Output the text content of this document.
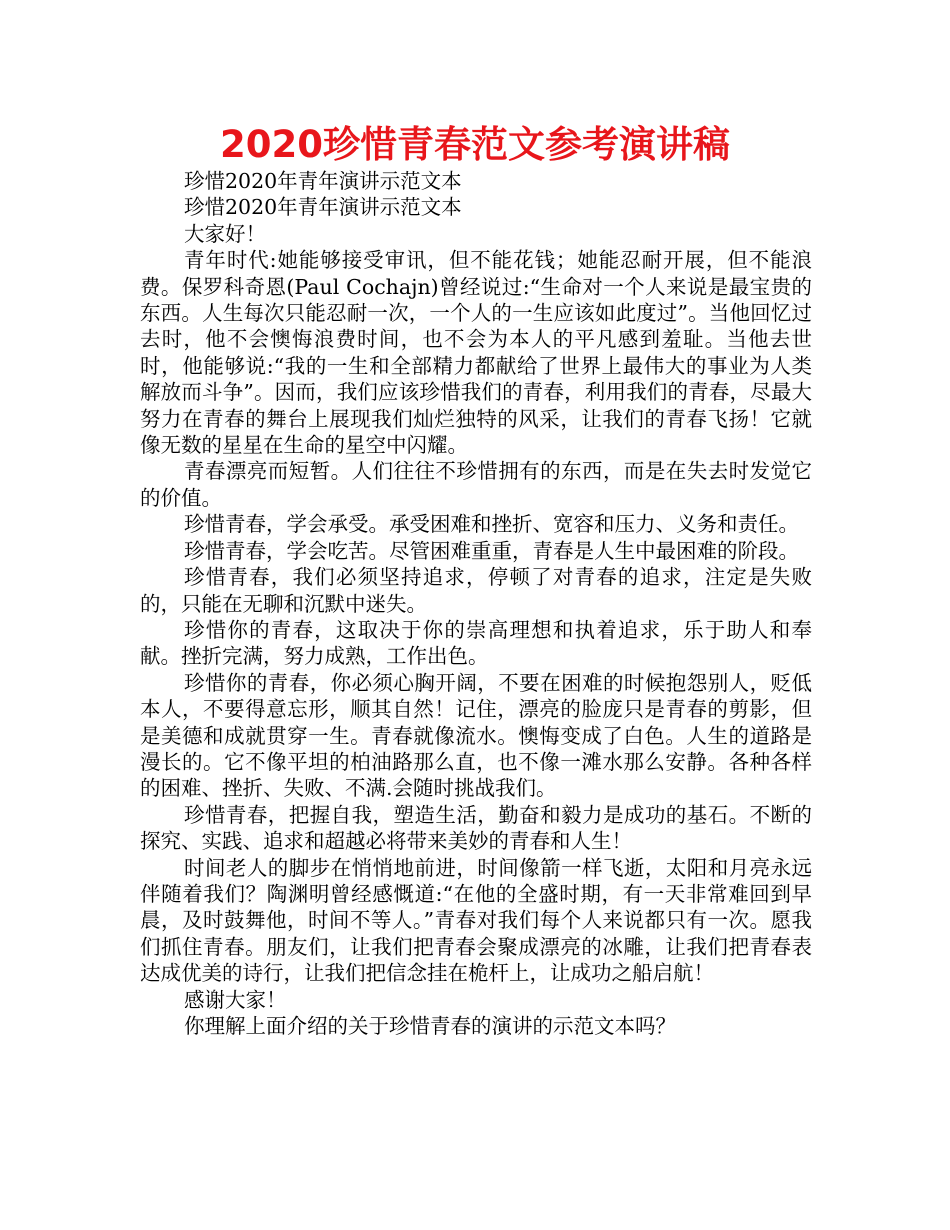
2020珍惜青春范文参考演讲稿

珍惜2020年青年演讲示范文本

珍惜2020年青年演讲示范文本

大家好！

青年时代:她能够接受审讯，但不能花钱；她能忍耐开展，但不能浪费。保罗科奇恩(Paul Cochajn)曾经说过:“生命对一个人来说是最宝贵的东西。人生每次只能忍耐一次，一个人的一生应该如此度过”。当他回忆过去时，他不会懊悔浪费时间，也不会为本人的平凡感到羞耻。当他去世时，他能够说:“我的一生和全部精力都献给了世界上最伟大的事业为人类解放而斗争”。因而，我们应该珍惜我们的青春，利用我们的青春，尽最大努力在青春的舞台上展现我们灿烂独特的风采，让我们的青春飞扬！它就像无数的星星在生命的星空中闪耀。

青春漂亮而短暂。人们往往不珍惜拥有的东西，而是在失去时发觉它的价值。

珍惜青春，学会承受。承受困难和挫折、宽容和压力、义务和责任。

珍惜青春，学会吃苦。尽管困难重重，青春是人生中最困难的阶段。

珍惜青春，我们必须坚持追求，停顿了对青春的追求，注定是失败的，只能在无聊和沉默中迷失。

珍惜你的青春，这取决于你的崇高理想和执着追求，乐于助人和奉献。挫折完满，努力成熟，工作出色。

珍惜你的青春，你必须心胸开阔，不要在困难的时候抱怨别人，贬低本人，不要得意忘形，顺其自然！记住，漂亮的脸庞只是青春的剪影，但是美德和成就贯穿一生。青春就像流水。懊悔变成了白色。人生的道路是漫长的。它不像平坦的柏油路那么直，也不像一滩水那么安静。各种各样的困难、挫折、失败、不满.会随时挑战我们。

珍惜青春，把握自我，塑造生活，勤奋和毅力是成功的基石。不断的探究、实践、追求和超越必将带来美妙的青春和人生！

时间老人的脚步在悄悄地前进，时间像箭一样飞逝，太阳和月亮永远伴随着我们？陶渊明曾经感慨道:“在他的全盛时期，有一天非常难回到早晨，及时鼓舞他，时间不等人。”青春对我们每个人来说都只有一次。愿我们抓住青春。朋友们，让我们把青春会聚成漂亮的冰雕，让我们把青春表达成优美的诗行，让我们把信念挂在桅杆上，让成功之船启航！

感谢大家！

你理解上面介绍的关于珍惜青春的演讲的示范文本吗？
